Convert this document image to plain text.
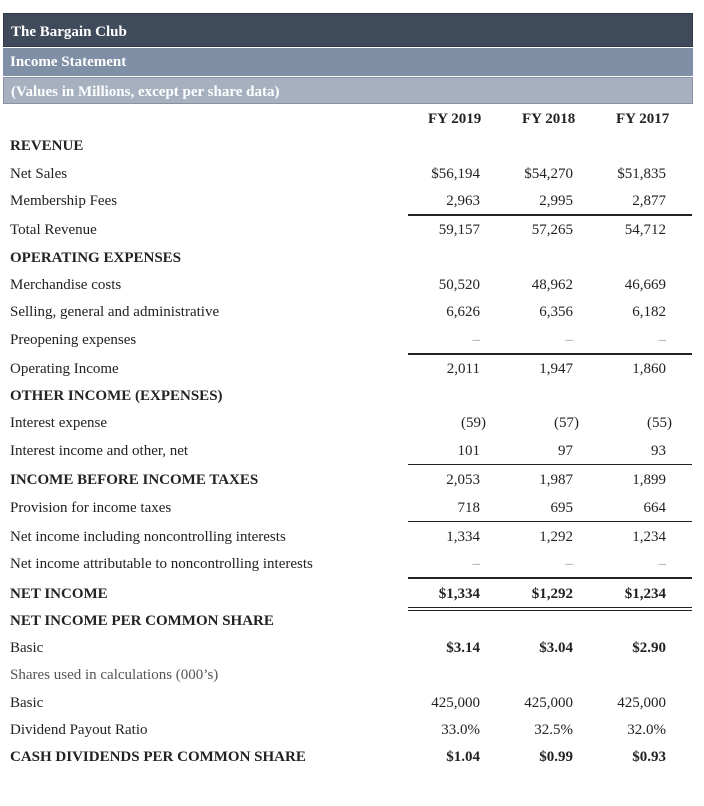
The Bargain Club
Income Statement
(Values in Millions, except per share data)
FY 2019	FY 2018	FY 2017
REVENUE
Net Sales	$56,194	$54,270	$51,835
Membership Fees	2,963	2,995	2,877
Total Revenue	59,157	57,265	54,712
OPERATING EXPENSES
Merchandise costs	50,520	48,962	46,669
Selling, general and administrative	6,626	6,356	6,182
Preopening expenses	–	–	–
Operating Income	2,011	1,947	1,860
OTHER INCOME (EXPENSES)
Interest expense	(59)	(57)	(55)
Interest income and other, net	101	97	93
INCOME BEFORE INCOME TAXES	2,053	1,987	1,899
Provision for income taxes	718	695	664
Net income including noncontrolling interests	1,334	1,292	1,234
Net income attributable to noncontrolling interests	–	–	–
NET INCOME	$1,334	$1,292	$1,234
NET INCOME PER COMMON SHARE
Basic	$3.14	$3.04	$2.90
Shares used in calculations (000’s)
Basic	425,000	425,000	425,000
Dividend Payout Ratio	33.0%	32.5%	32.0%
CASH DIVIDENDS PER COMMON SHARE	$1.04	$0.99	$0.93
